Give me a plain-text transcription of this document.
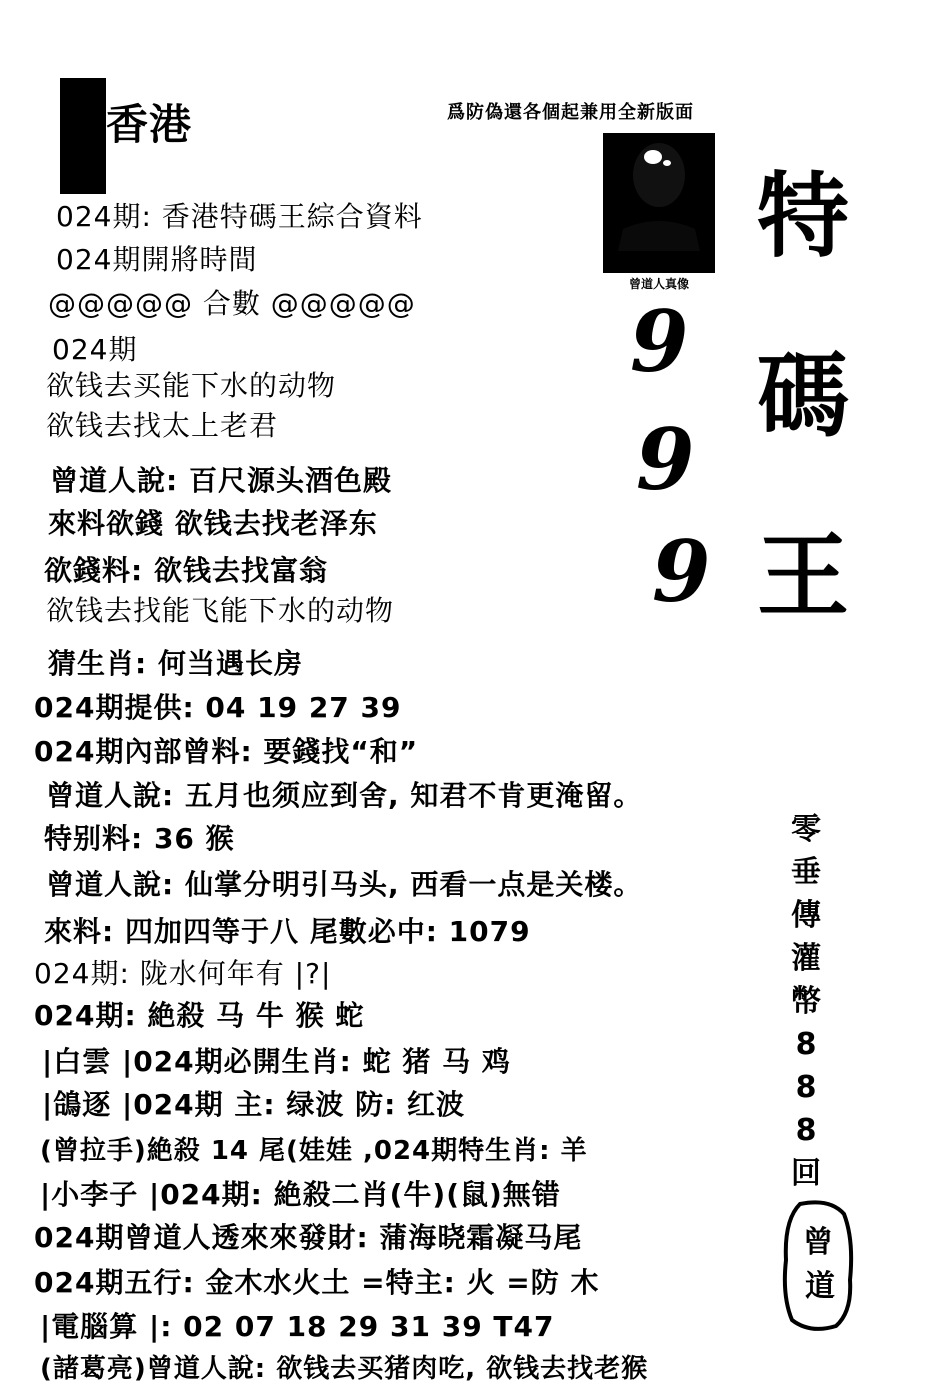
香港	爲防偽還各個起兼用全新版面
曾道人真像
9
9
9
特
碼
王
零
垂
傳
灌
幣
8
8
8
回
曾
道
024期: 香港特碼王綜合資料
024期開將時間
@@@@@ 合數 @@@@@
024期
欲钱去买能下水的动物
欲钱去找太上老君
曾道人說: 百尺源头酒色殿
來料欲錢 欲钱去找老泽东
欲錢料: 欲钱去找富翁
欲钱去找能飞能下水的动物
猜生肖: 何当遇长房
024期提供: 04 19 27 39
024期內部曾料: 要錢找“和”
曾道人說: 五月也须应到舍, 知君不肯更淹留。
特别料: 36 猴
曾道人說: 仙掌分明引马头, 西看一点是关楼。
來料: 四加四等于八 尾數必中: 1079
024期: 陇水何年有 |?|
024期: 絶殺 马 牛 猴 蛇
|白雲 |024期必開生肖: 蛇 猪 马 鸡
|鴿逐 |024期 主: 绿波 防: 红波
(曾拉手)絶殺 14 尾(娃娃 ,024期特生肖: 羊
|小李子 |024期: 絶殺二肖(牛)(鼠)無错
024期曾道人透來來發財: 蒲海晓霜凝马尾
024期五行: 金木水火土 =特主: 火 =防 木
|電腦算 |: 02 07 18 29 31 39 T47
(諸葛亮)曾道人說: 欲钱去买猪肉吃, 欲钱去找老猴
